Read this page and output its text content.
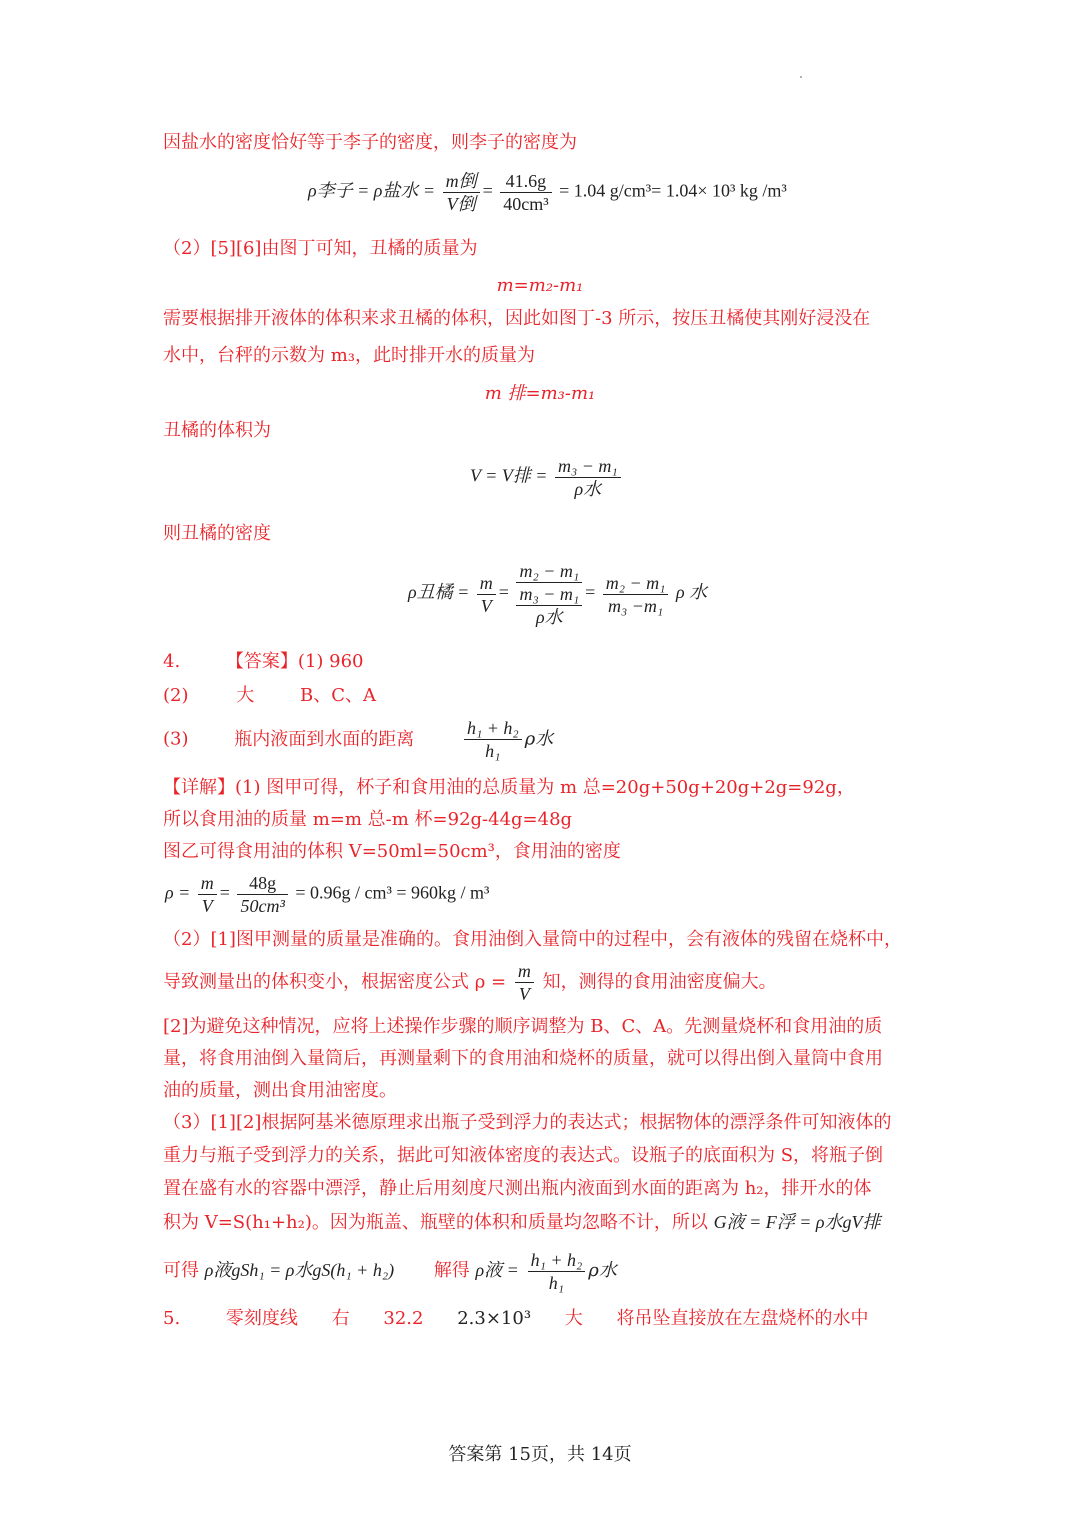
因盐水的密度恰好等于李子的密度，则李子的密度为
ρ李子 = ρ盐水 = $\frac{\text{m倒}}{\text{V倒}} = \frac{41.6g}{\text{40cm³}} = 1.04$ g/cm³= 1.04× 10³ kg /m³
（2）[5][6]由图丁可知，丑橘的质量为
m=m₂-m₁
需要根据排开液体的体积来求丑橘的体积，因此如图丁-3 所示，按压丑橘使其刚好浸没在
水中，台秤的示数为 m₃，此时排开水的质量为
m 排=m₃-m₁
丑橘的体积为
V = V排 = $\frac{\text{m₃ − m₁}}{\text{ρ水}}$
则丑橘的密度
ρ丑橘 = $\frac{m}{V}$ =
m₂ − m₁
m₃ − m₁
ρ水
= $\frac{\text{m₂ − m₁}}{\text{m₃ −m₁}}$ ρ 水
4.	【答案】(1) 960
(2)	大	B、C、A
(3)	瓶内液面到水面的距离	$\frac{\text{h₁ + h₂}}{\text{h₁}}$ ρ水
【详解】(1) 图甲可得，杯子和食用油的总质量为 m 总=20g+50g+20g+2g=92g，
所以食用油的质量 m=m 总-m 杯=92g-44g=48g
图乙可得食用油的体积 V=50ml=50cm³，食用油的密度
$\rho = \frac{m}{V} = \frac{48g}{\text{50cm³}} = 0.96g / cm^3 = 960kg / m^3$
（2）[1]图甲测量的质量是准确的。食用油倒入量筒中的过程中，会有液体的残留在烧杯中，
导致测量出的体积变小，根据密度公式 $\rho = \frac{m}{V}$ 知，测得的食用油密度偏大。
[2]为避免这种情况，应将上述操作步骤的顺序调整为 B、C、A。先测量烧杯和食用油的质
量，将食用油倒入量筒后，再测量剩下的食用油和烧杯的质量，就可以得出倒入量筒中食用
油的质量，测出食用油密度。
（3）[1][2]根据阿基米德原理求出瓶子受到浮力的表达式；根据物体的漂浮条件可知液体的
重力与瓶子受到浮力的关系，据此可知液体密度的表达式。设瓶子的底面积为 S，将瓶子倒
置在盛有水的容器中漂浮，静止后用刻度尺测出瓶内液面到水面的距离为 h₂，排开水的体
积为 V=S(h₁+h₂)。因为瓶盖、瓶壁的体积和质量均忽略不计，所以 G液 = F浮 = ρ水gV排
可得 ρ液gSh₁ = ρ水gS(h₁ + h₂) 解得 ρ液 = $\frac{\text{h₁ + h₂}}{\text{h₁}}$ ρ水
5.	零刻度线 右 32.2 2.3×10³ 大 将吊坠直接放在左盘烧杯的水中
答案第 15页，共 14页
